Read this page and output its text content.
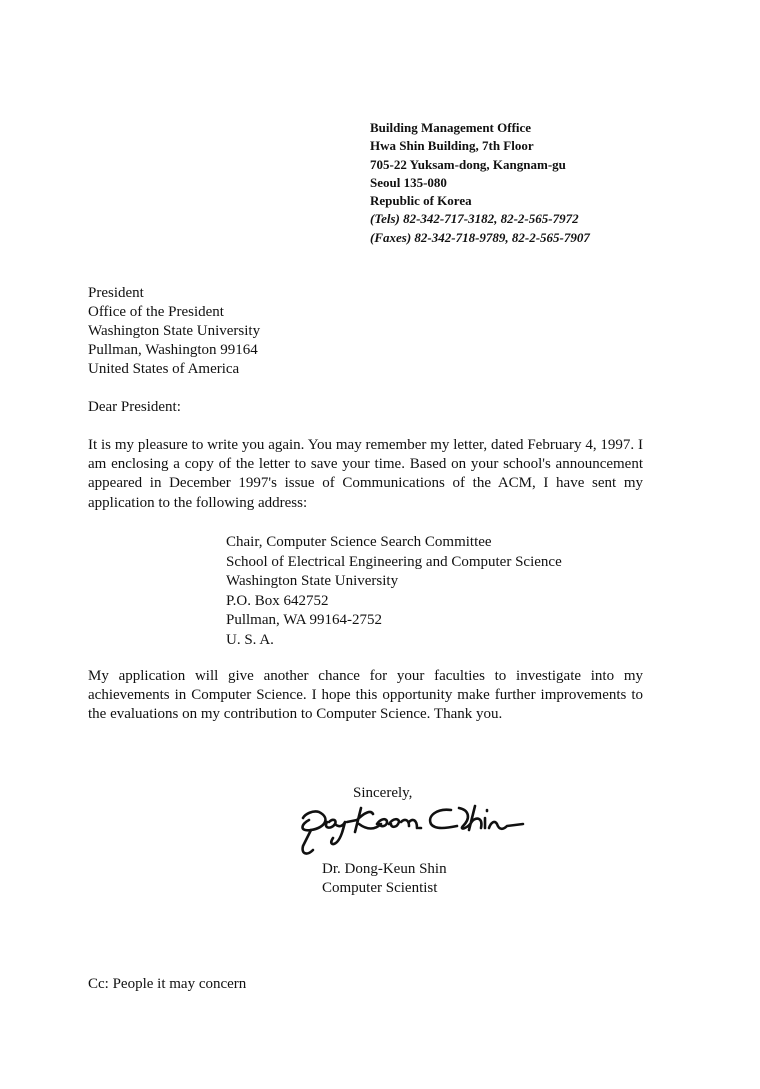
Building Management Office
Hwa Shin Building, 7th Floor
705-22 Yuksam-dong, Kangnam-gu
Seoul 135-080
Republic of Korea
(Tels) 82-342-717-3182, 82-2-565-7972
(Faxes) 82-342-718-9789, 82-2-565-7907
President
Office of the President
Washington State University
Pullman, Washington 99164
United States of America
Dear President:
It is my pleasure to write you again. You may remember my letter, dated February 4, 1997. I am enclosing a copy of the letter to save your time. Based on your school's announcement appeared in December 1997's issue of Communications of the ACM, I have sent my application to the following address:
Chair, Computer Science Search Committee
School of Electrical Engineering and Computer Science
Washington State University
P.O. Box 642752
Pullman, WA 99164-2752
U. S. A.
My application will give another chance for your faculties to investigate into my achievements in Computer Science. I hope this opportunity make further improvements to the evaluations on my contribution to Computer Science. Thank you.
Sincerely,
Dr. Dong-Keun Shin
Computer Scientist
Cc: People it may concern
